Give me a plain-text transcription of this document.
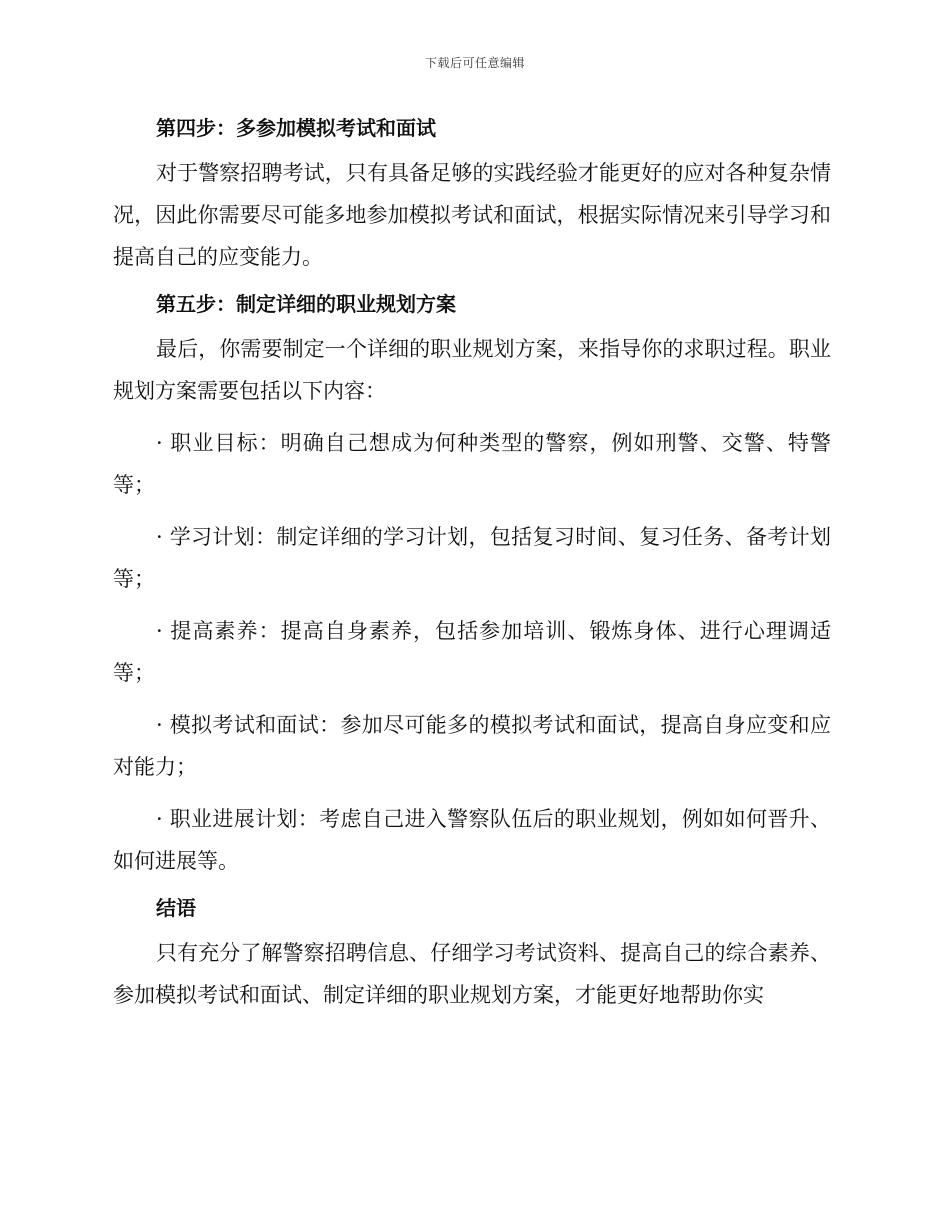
下载后可任意编辑
第四步：多参加模拟考试和面试

对于警察招聘考试，只有具备足够的实践经验才能更好的应对各种复杂情况，因此你需要尽可能多地参加模拟考试和面试，根据实际情况来引导学习和提高自己的应变能力。

第五步：制定详细的职业规划方案

最后，你需要制定一个详细的职业规划方案，来指导你的求职过程。职业规划方案需要包括以下内容：

· 职业目标：明确自己想成为何种类型的警察，例如刑警、交警、特警等；

· 学习计划：制定详细的学习计划，包括复习时间、复习任务、备考计划等；

· 提高素养：提高自身素养，包括参加培训、锻炼身体、进行心理调适等；

· 模拟考试和面试：参加尽可能多的模拟考试和面试，提高自身应变和应对能力；

· 职业进展计划：考虑自己进入警察队伍后的职业规划，例如如何晋升、如何进展等。

结语

只有充分了解警察招聘信息、仔细学习考试资料、提高自己的综合素养、参加模拟考试和面试、制定详细的职业规划方案，才能更好地帮助你实
